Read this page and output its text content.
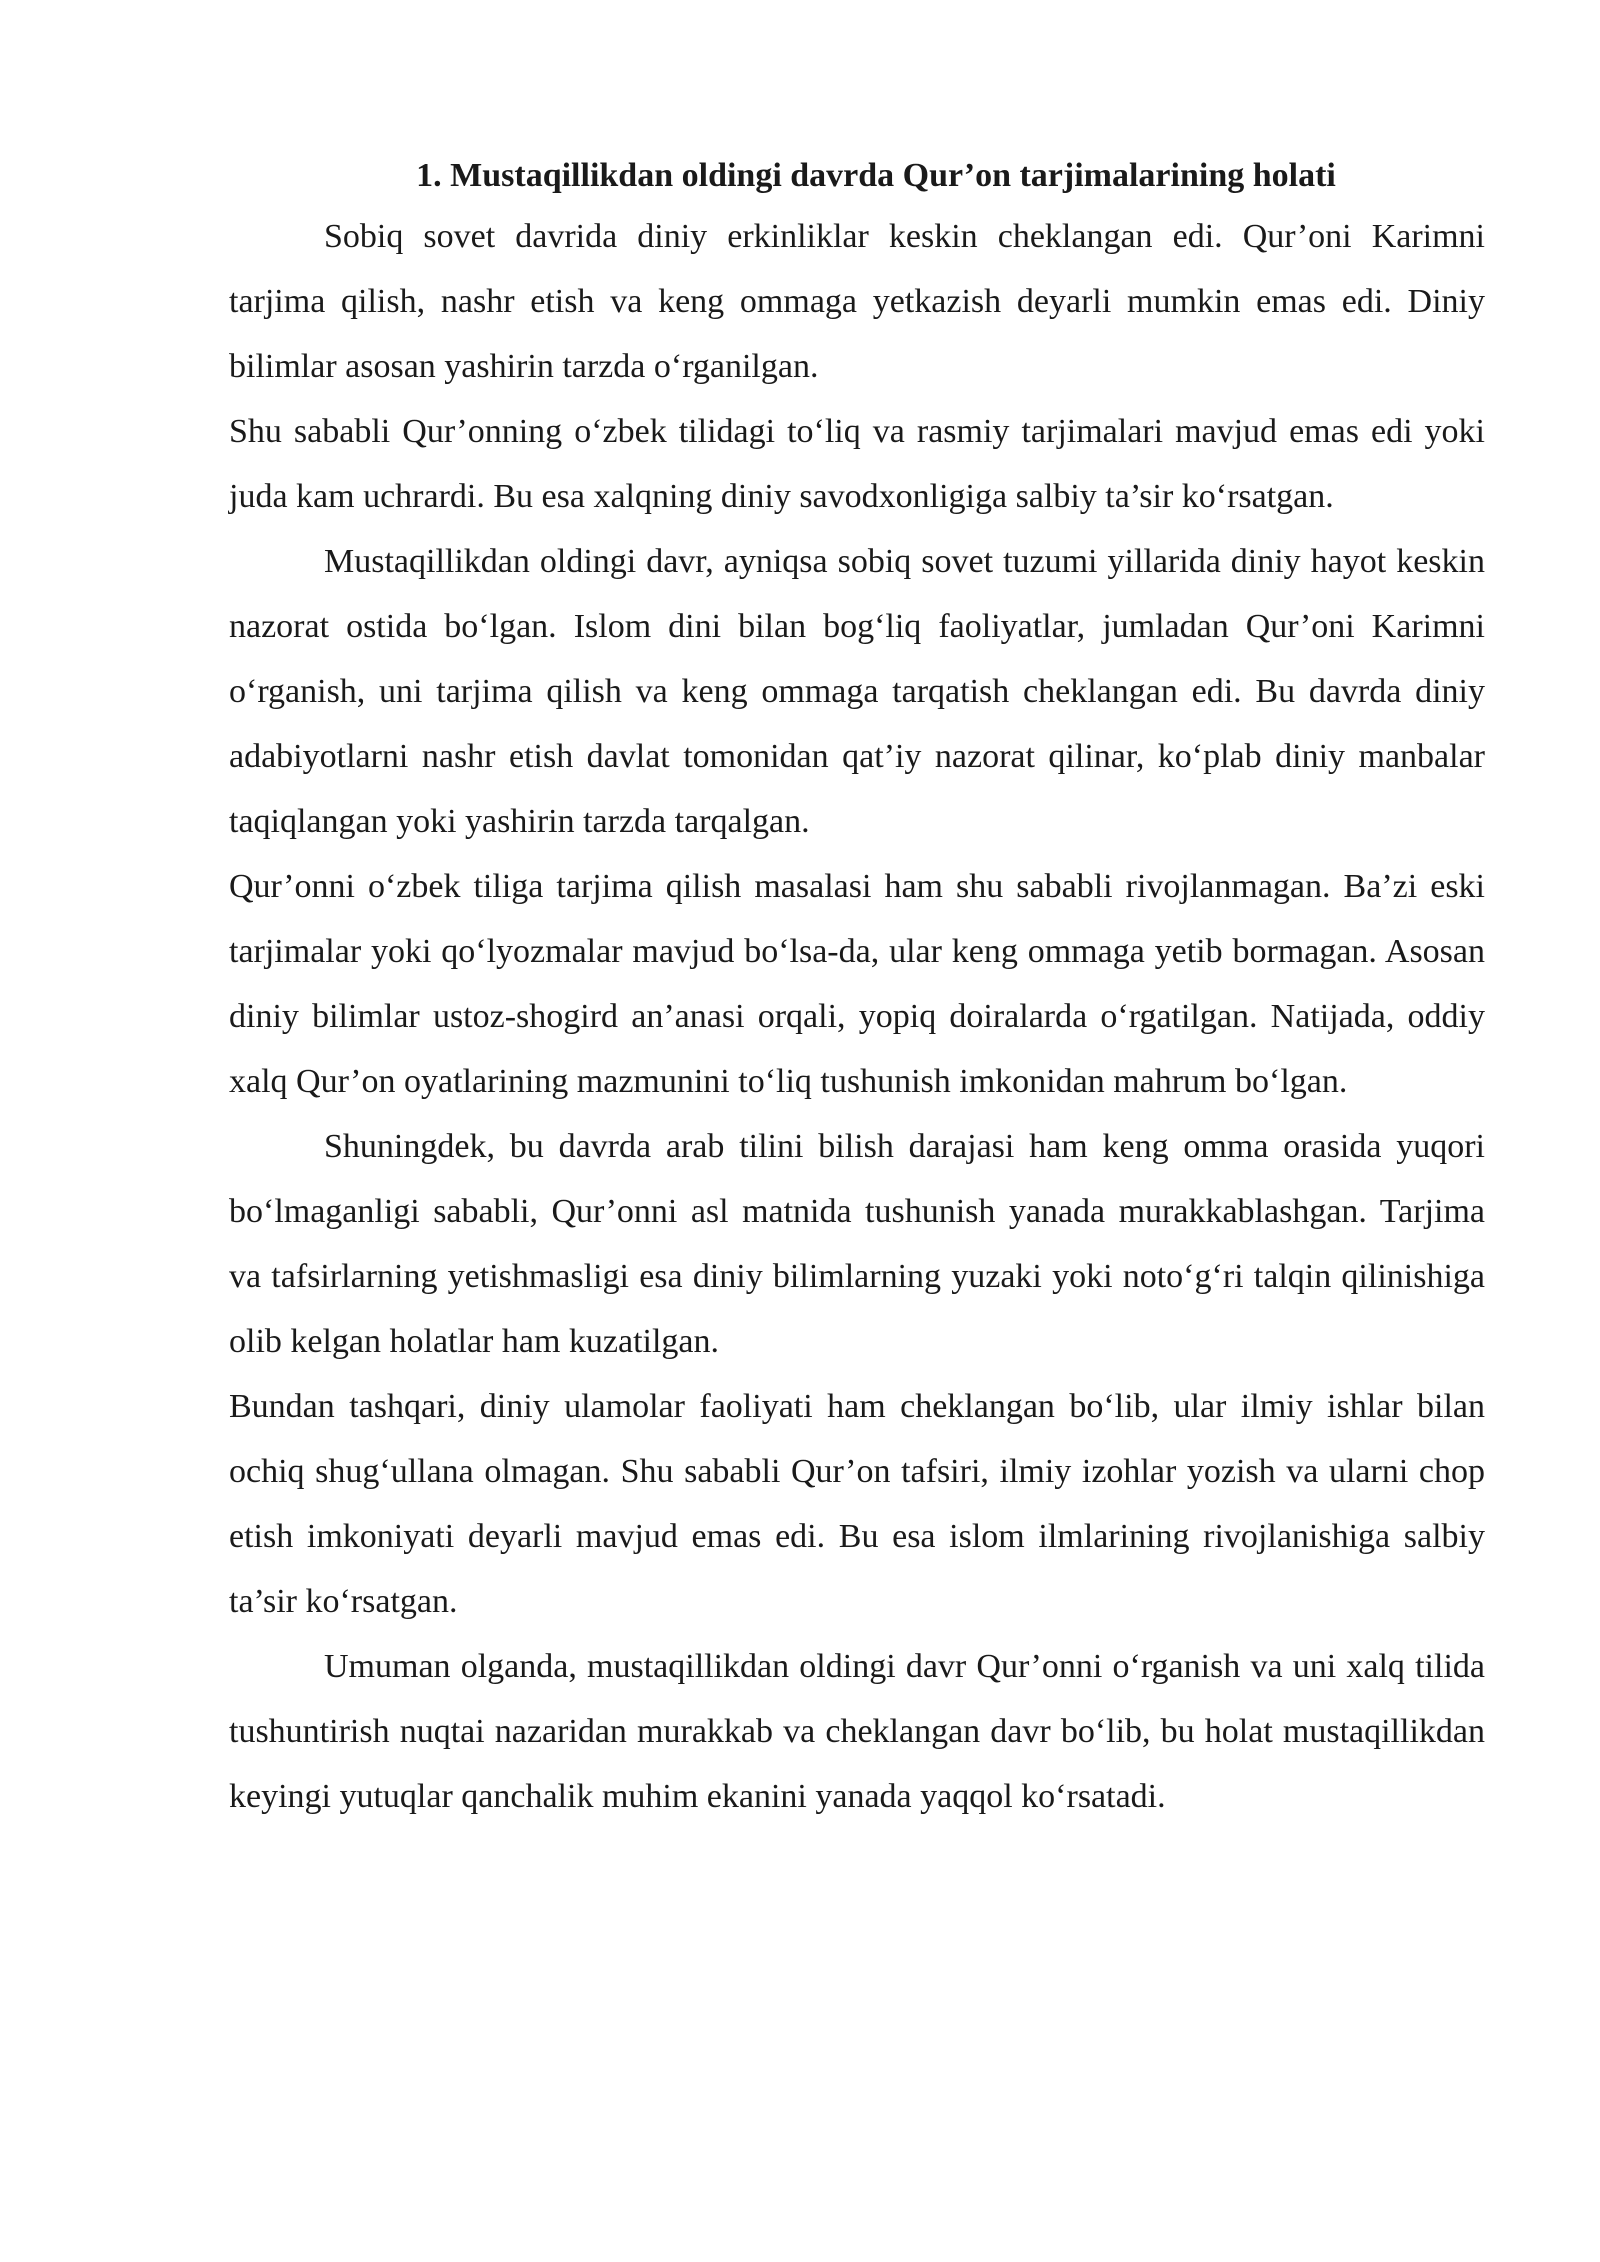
1. Mustaqillikdan oldingi davrda Qur’on tarjimalarining holati

Sobiq sovet davrida diniy erkinliklar keskin cheklangan edi. Qur’oni Karimni tarjima qilish, nashr etish va keng ommaga yetkazish deyarli mumkin emas edi. Diniy bilimlar asosan yashirin tarzda o‘rganilgan.

Shu sababli Qur’onning o‘zbek tilidagi to‘liq va rasmiy tarjimalari mavjud emas edi yoki juda kam uchrardi. Bu esa xalqning diniy savodxonligiga salbiy ta’sir ko‘rsatgan.

Mustaqillikdan oldingi davr, ayniqsa sobiq sovet tuzumi yillarida diniy hayot keskin nazorat ostida bo‘lgan. Islom dini bilan bog‘liq faoliyatlar, jumladan Qur’oni Karimni o‘rganish, uni tarjima qilish va keng ommaga tarqatish cheklangan edi. Bu davrda diniy adabiyotlarni nashr etish davlat tomonidan qat’iy nazorat qilinar, ko‘plab diniy manbalar taqiqlangan yoki yashirin tarzda tarqalgan.

Qur’onni o‘zbek tiliga tarjima qilish masalasi ham shu sababli rivojlanmagan. Ba’zi eski tarjimalar yoki qo‘lyozmalar mavjud bo‘lsa-da, ular keng ommaga yetib bormagan. Asosan diniy bilimlar ustoz-shogird an’anasi orqali, yopiq doiralarda o‘rgatilgan. Natijada, oddiy xalq Qur’on oyatlarining mazmunini to‘liq tushunish imkonidan mahrum bo‘lgan.

Shuningdek, bu davrda arab tilini bilish darajasi ham keng omma orasida yuqori bo‘lmaganligi sababli, Qur’onni asl matnida tushunish yanada murakkablashgan. Tarjima va tafsirlarning yetishmasligi esa diniy bilimlarning yuzaki yoki noto‘g‘ri talqin qilinishiga olib kelgan holatlar ham kuzatilgan.

Bundan tashqari, diniy ulamolar faoliyati ham cheklangan bo‘lib, ular ilmiy ishlar bilan ochiq shug‘ullana olmagan. Shu sababli Qur’on tafsiri, ilmiy izohlar yozish va ularni chop etish imkoniyati deyarli mavjud emas edi. Bu esa islom ilmlarining rivojlanishiga salbiy ta’sir ko‘rsatgan.

Umuman olganda, mustaqillikdan oldingi davr Qur’onni o‘rganish va uni xalq tilida tushuntirish nuqtai nazaridan murakkab va cheklangan davr bo‘lib, bu holat mustaqillikdan keyingi yutuqlar qanchalik muhim ekanini yanada yaqqol ko‘rsatadi.
